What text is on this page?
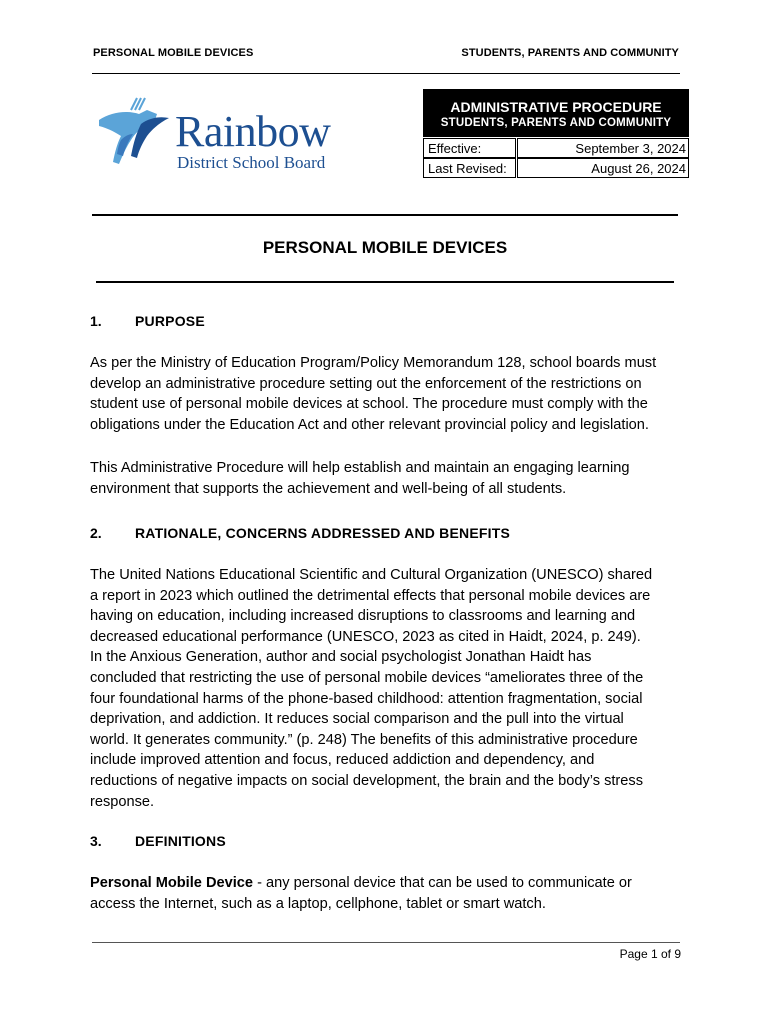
PERSONAL MOBILE DEVICES	STUDENTS, PARENTS AND COMMUNITY
Rainbow
District School Board
ADMINISTRATIVE PROCEDURE
STUDENTS, PARENTS AND COMMUNITY
Effective:	September 3, 2024
Last Revised:	August 26, 2024
PERSONAL MOBILE DEVICES
1. PURPOSE
As per the Ministry of Education Program/Policy Memorandum 128, school boards must
develop an administrative procedure setting out the enforcement of the restrictions on
student use of personal mobile devices at school. The procedure must comply with the
obligations under the Education Act and other relevant provincial policy and legislation.
This Administrative Procedure will help establish and maintain an engaging learning
environment that supports the achievement and well-being of all students.
2. RATIONALE, CONCERNS ADDRESSED AND BENEFITS
The United Nations Educational Scientific and Cultural Organization (UNESCO) shared
a report in 2023 which outlined the detrimental effects that personal mobile devices are
having on education, including increased disruptions to classrooms and learning and
decreased educational performance (UNESCO, 2023 as cited in Haidt, 2024, p. 249).
In the Anxious Generation, author and social psychologist Jonathan Haidt has
concluded that restricting the use of personal mobile devices “ameliorates three of the
four foundational harms of the phone-based childhood: attention fragmentation, social
deprivation, and addiction. It reduces social comparison and the pull into the virtual
world. It generates community.” (p. 248) The benefits of this administrative procedure
include improved attention and focus, reduced addiction and dependency, and
reductions of negative impacts on social development, the brain and the body’s stress
response.
3. DEFINITIONS
Personal Mobile Device - any personal device that can be used to communicate or
access the Internet, such as a laptop, cellphone, tablet or smart watch.
Page 1 of 9
